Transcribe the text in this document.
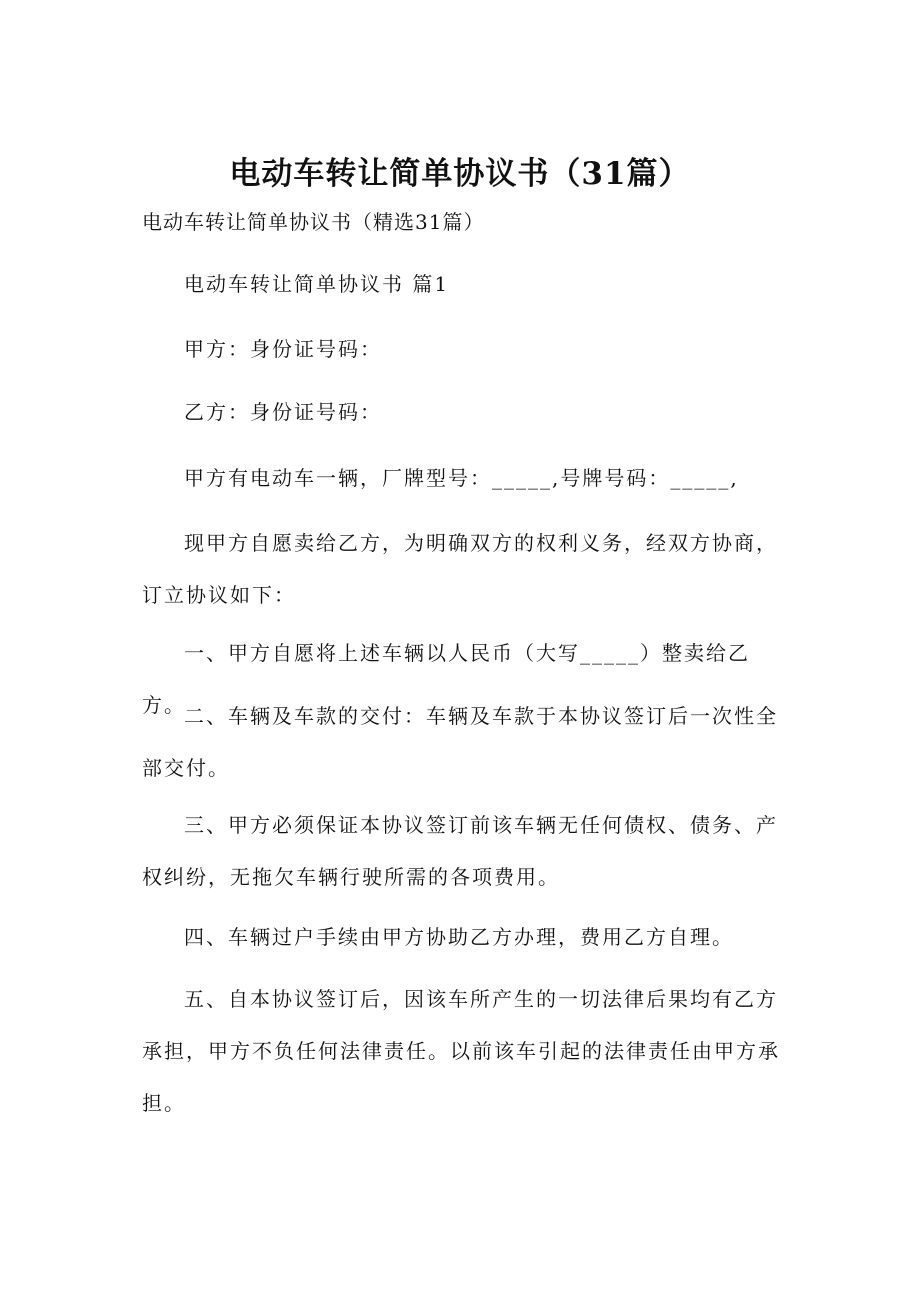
电动车转让简单协议书（31篇）
电动车转让简单协议书（精选31篇）

电动车转让简单协议书 篇1

甲方：身份证号码：

乙方：身份证号码：

甲方有电动车一辆，厂牌型号：_____,号牌号码：_____,

现甲方自愿卖给乙方，为明确双方的权利义务，经双方协商，订立协议如下：

一、甲方自愿将上述车辆以人民币（大写_____）整卖给乙方。

二、车辆及车款的交付：车辆及车款于本协议签订后一次性全部交付。

三、甲方必须保证本协议签订前该车辆无任何债权、债务、产权纠纷，无拖欠车辆行驶所需的各项费用。

四、车辆过户手续由甲方协助乙方办理，费用乙方自理。

五、自本协议签订后，因该车所产生的一切法律后果均有乙方承担，甲方不负任何法律责任。以前该车引起的法律责任由甲方承担。
